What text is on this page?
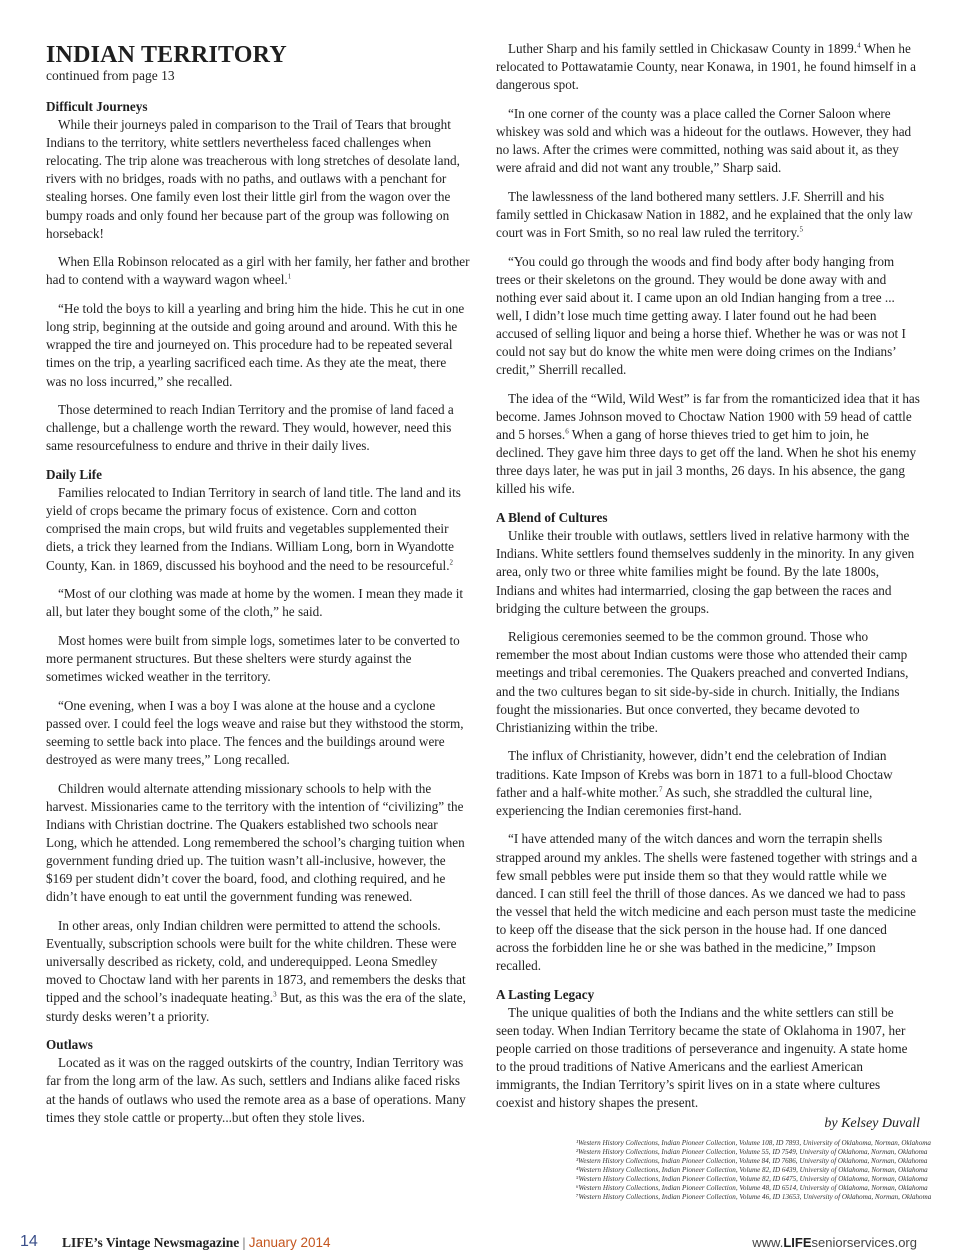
INDIAN TERRITORY
continued from page 13
Difficult Journeys

While their journeys paled in comparison to the Trail of Tears that brought Indians to the territory, white settlers nevertheless faced challenges when relocating. The trip alone was treacherous with long stretches of desolate land, rivers with no bridges, roads with no paths, and outlaws with a penchant for stealing horses. One family even lost their little girl from the wagon over the bumpy roads and only found her because part of the group was following on horseback!

When Ella Robinson relocated as a girl with her family, her father and brother had to contend with a wayward wagon wheel.$^1$

“He told the boys to kill a yearling and bring him the hide. This he cut in one long strip, beginning at the outside and going around and around. With this he wrapped the tire and journeyed on. This procedure had to be repeated several times on the trip, a yearling sacrificed each time. As they ate the meat, there was no loss incurred,” she recalled.

Those determined to reach Indian Territory and the promise of land faced a challenge, but a challenge worth the reward. They would, however, need this same resourcefulness to endure and thrive in their daily lives.

Daily Life

Families relocated to Indian Territory in search of land title. The land and its yield of crops became the primary focus of existence. Corn and cotton comprised the main crops, but wild fruits and vegetables supplemented their diets, a trick they learned from the Indians. William Long, born in Wyandotte County, Kan. in 1869, discussed his boyhood and the need to be resourceful.$^2$

“Most of our clothing was made at home by the women. I mean they made it all, but later they bought some of the cloth,” he said.

Most homes were built from simple logs, sometimes later to be converted to more permanent structures. But these shelters were sturdy against the sometimes wicked weather in the territory.

“One evening, when I was a boy I was alone at the house and a cyclone passed over. I could feel the logs weave and raise but they withstood the storm, seeming to settle back into place. The fences and the buildings around were destroyed as were many trees,” Long recalled.

Children would alternate attending missionary schools to help with the harvest. Missionaries came to the territory with the intention of “civilizing” the Indians with Christian doctrine. The Quakers established two schools near Long, which he attended. Long remembered the school’s charging tuition when government funding dried up. The tuition wasn’t all-inclusive, however, the $169 per student didn’t cover the board, food, and clothing required, and he didn’t have enough to eat until the government funding was renewed.

In other areas, only Indian children were permitted to attend the schools. Eventually, subscription schools were built for the white children. These were universally described as rickety, cold, and underequipped. Leona Smedley moved to Choctaw land with her parents in 1873, and remembers the desks that tipped and the school’s inadequate heating.$^3$ But, as this was the era of the slate, sturdy desks weren’t a priority.

Outlaws

Located as it was on the ragged outskirts of the country, Indian Territory was far from the long arm of the law. As such, settlers and Indians alike faced risks at the hands of outlaws who used the remote area as a base of operations. Many times they stole cattle or property...but often they stole lives.

Luther Sharp and his family settled in Chickasaw County in 1899.$^4$ When he relocated to Pottawatamie County, near Konawa, in 1901, he found himself in a dangerous spot.

“In one corner of the county was a place called the Corner Saloon where whiskey was sold and which was a hideout for the outlaws. However, they had no laws. After the crimes were committed, nothing was said about it, as they were afraid and did not want any trouble,” Sharp said.

The lawlessness of the land bothered many settlers. J.F. Sherrill and his family settled in Chickasaw Nation in 1882, and he explained that the only law court was in Fort Smith, so no real law ruled the territory.$^5$

“You could go through the woods and find body after body hanging from trees or their skeletons on the ground. They would be done away with and nothing ever said about it. I came upon an old Indian hanging from a tree ... well, I didn’t lose much time getting away. I later found out he had been accused of selling liquor and being a horse thief. Whether he was or was not I could not say but do know the white men were doing crimes on the Indians’ credit,” Sherrill recalled.

The idea of the “Wild, Wild West” is far from the romanticized idea that it has become. James Johnson moved to Choctaw Nation 1900 with 59 head of cattle and 5 horses.$^6$ When a gang of horse thieves tried to get him to join, he declined. They gave him three days to get off the land. When he shot his enemy three days later, he was put in jail 3 months, 26 days. In his absence, the gang killed his wife.

A Blend of Cultures

Unlike their trouble with outlaws, settlers lived in relative harmony with the Indians. White settlers found themselves suddenly in the minority. In any given area, only two or three white families might be found. By the late 1800s, Indians and whites had intermarried, closing the gap between the races and bridging the culture between the groups.

Religious ceremonies seemed to be the common ground. Those who remember the most about Indian customs were those who attended their camp meetings and tribal ceremonies. The Quakers preached and converted Indians, and the two cultures began to sit side-by-side in church. Initially, the Indians fought the missionaries. But once converted, they became devoted to Christianizing within the tribe.

The influx of Christianity, however, didn’t end the celebration of Indian traditions. Kate Impson of Krebs was born in 1871 to a full-blood Choctaw father and a half-white mother.$^7$ As such, she straddled the cultural line, experiencing the Indian ceremonies first-hand.

“I have attended many of the witch dances and worn the terrapin shells strapped around my ankles. The shells were fastened together with strings and a few small pebbles were put inside them so that they would rattle while we danced. I can still feel the thrill of those dances. As we danced we had to pass the vessel that held the witch medicine and each person must taste the medicine to keep off the disease that the sick person in the house had. If one danced across the forbidden line he or she was bathed in the medicine,” Impson recalled.

A Lasting Legacy

The unique qualities of both the Indians and the white settlers can still be seen today. When Indian Territory became the state of Oklahoma in 1907, her people carried on those traditions of perseverance and ingenuity. A state home to the proud traditions of Native Americans and the earliest American immigrants, the Indian Territory’s spirit lives on in a state where cultures coexist and history shapes the present.

by Kelsey Duvall
¹Western History Collections, Indian Pioneer Collection, Volume 108, ID 7893, University of Oklahoma, Norman, Oklahoma
²Western History Collections, Indian Pioneer Collection, Volume 55, ID 7549, University of Oklahoma, Norman, Oklahoma
³Western History Collections, Indian Pioneer Collection, Volume 84, ID 7686, University of Oklahoma, Norman, Oklahoma
⁴Western History Collections, Indian Pioneer Collection, Volume 82, ID 6439, University of Oklahoma, Norman, Oklahoma
⁵Western History Collections, Indian Pioneer Collection, Volume 82, ID 6475, University of Oklahoma, Norman, Oklahoma
⁶Western History Collections, Indian Pioneer Collection, Volume 48, ID 6514, University of Oklahoma, Norman, Oklahoma
⁷Western History Collections, Indian Pioneer Collection, Volume 46, ID 13653, University of Oklahoma, Norman, Oklahoma
14 LIFE’s Vintage Newsmagazine | January 2014	www.LIFEseniorservices.org
